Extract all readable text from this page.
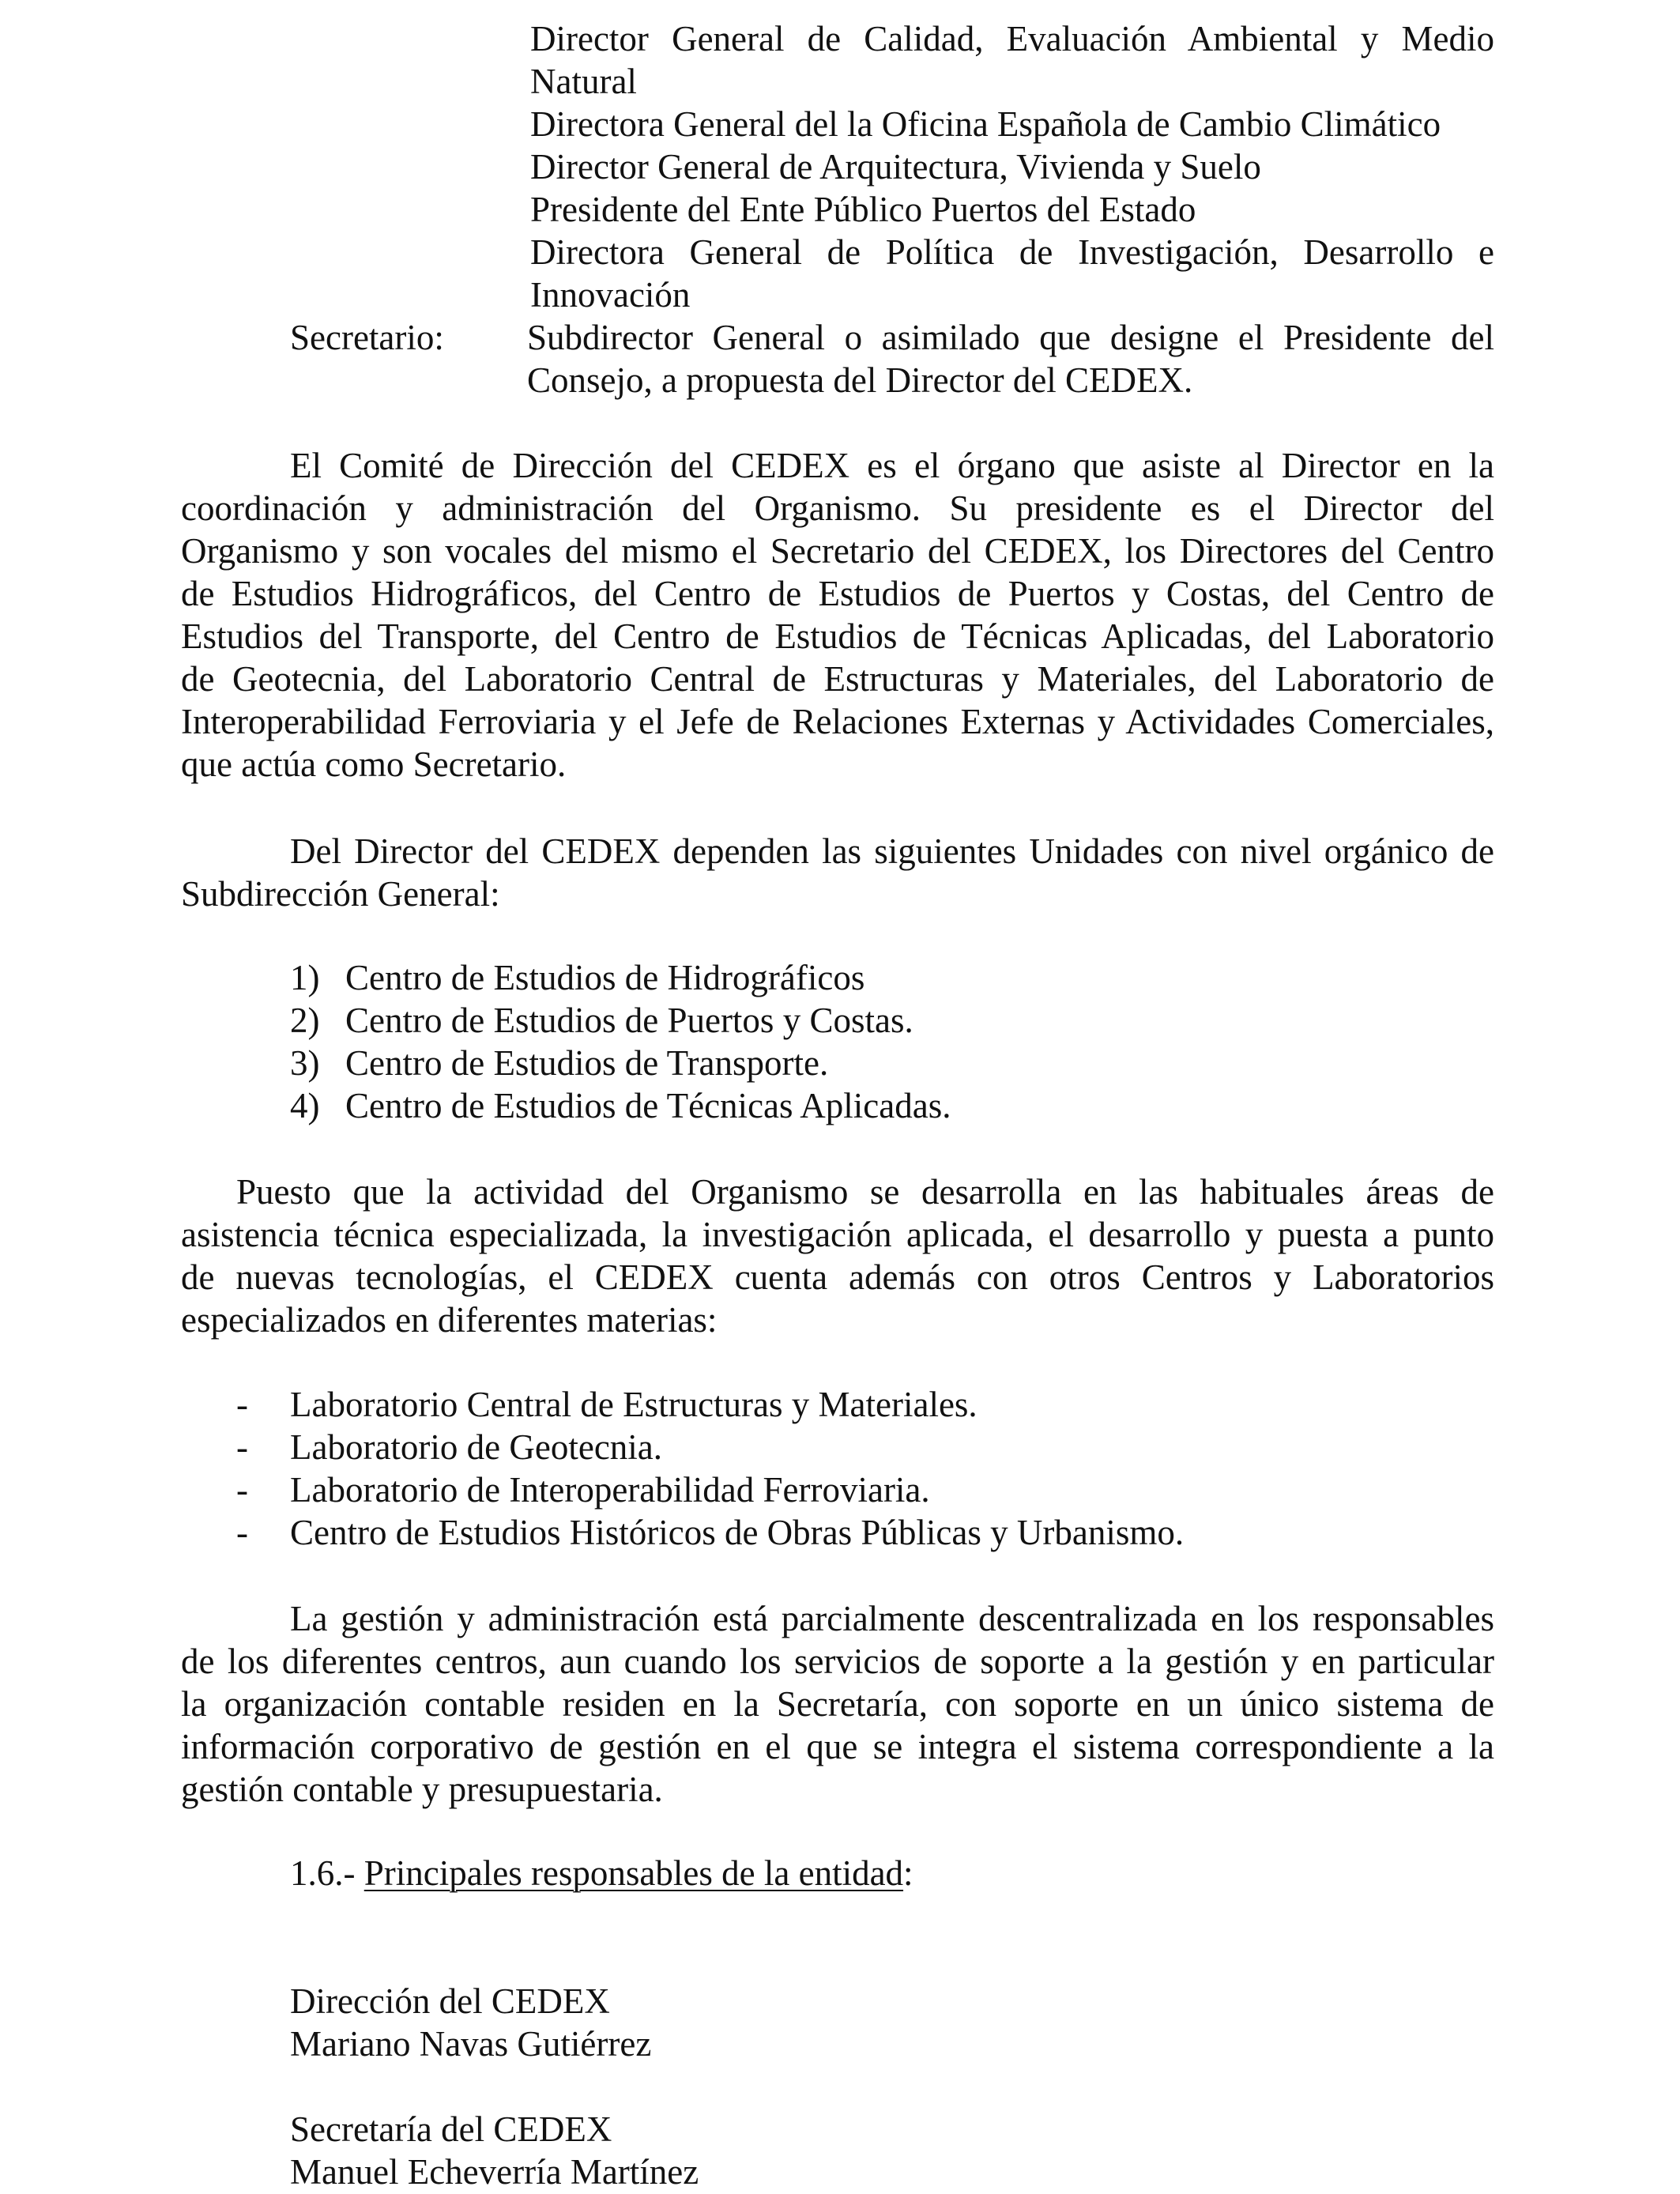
Director General de Calidad, Evaluación Ambiental y Medio
Natural
Directora General del la Oficina Española de Cambio Climático
Director General de Arquitectura, Vivienda y Suelo
Presidente del Ente Público Puertos del Estado
Directora General de Política de Investigación, Desarrollo e
Innovación
Secretario: Subdirector General o asimilado que designe el Presidente del
Consejo, a propuesta del Director del CEDEX.
El Comité de Dirección del CEDEX es el órgano que asiste al Director en la
coordinación y administración del Organismo. Su presidente es el Director del
Organismo y son vocales del mismo el Secretario del CEDEX, los Directores del Centro
de Estudios Hidrográficos, del Centro de Estudios de Puertos y Costas, del Centro de
Estudios del Transporte, del Centro de Estudios de Técnicas Aplicadas, del Laboratorio
de Geotecnia, del Laboratorio Central de Estructuras y Materiales, del Laboratorio de
Interoperabilidad Ferroviaria y el Jefe de Relaciones Externas y Actividades Comerciales,
que actúa como Secretario.
Del Director del CEDEX dependen las siguientes Unidades con nivel orgánico de
Subdirección General:
1) Centro de Estudios de Hidrográficos
2) Centro de Estudios de Puertos y Costas.
3) Centro de Estudios de Transporte.
4) Centro de Estudios de Técnicas Aplicadas.
Puesto que la actividad del Organismo se desarrolla en las habituales áreas de
asistencia técnica especializada, la investigación aplicada, el desarrollo y puesta a punto
de nuevas tecnologías, el CEDEX cuenta además con otros Centros y Laboratorios
especializados en diferentes materias:
- Laboratorio Central de Estructuras y Materiales.
- Laboratorio de Geotecnia.
- Laboratorio de Interoperabilidad Ferroviaria.
- Centro de Estudios Históricos de Obras Públicas y Urbanismo.
La gestión y administración está parcialmente descentralizada en los responsables
de los diferentes centros, aun cuando los servicios de soporte a la gestión y en particular
la organización contable residen en la Secretaría, con soporte en un único sistema de
información corporativo de gestión en el que se integra el sistema correspondiente a la
gestión contable y presupuestaria.
1.6.- Principales responsables de la entidad:
Dirección del CEDEX
Mariano Navas Gutiérrez
Secretaría del CEDEX
Manuel Echeverría Martínez
